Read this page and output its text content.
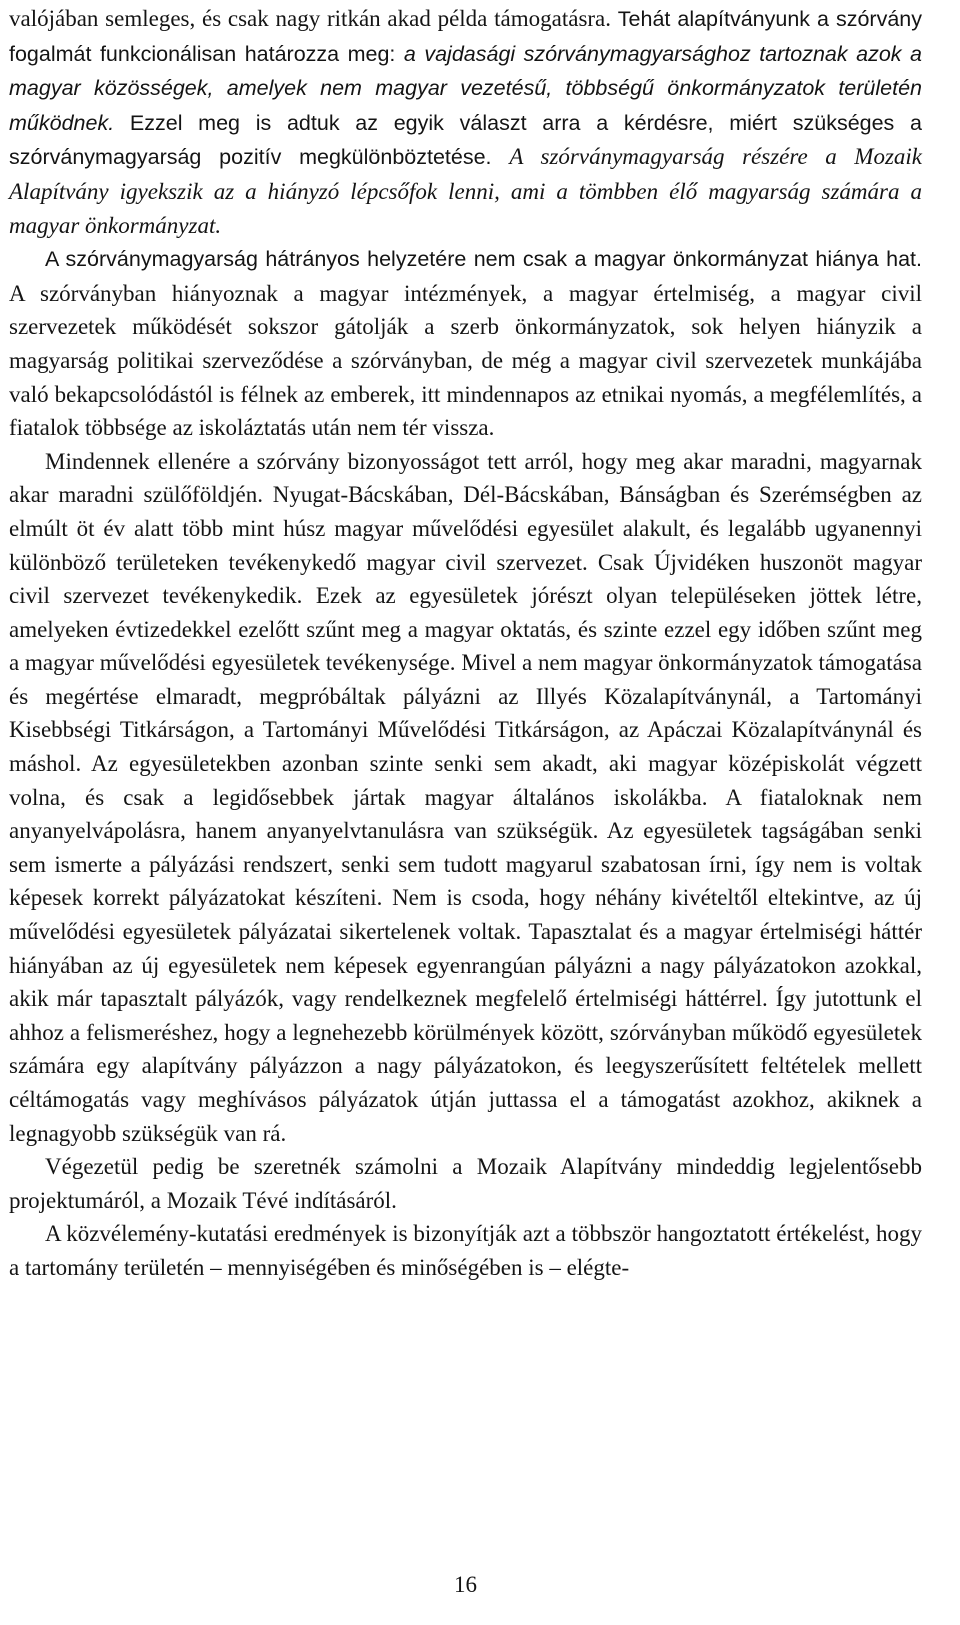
valójában semleges, és csak nagy ritkán akad példa támogatásra. Tehát alapítványunk a szórvány fogalmát funkcionálisan határozza meg: a vajdasági szórványmagyarsághoz tartoznak azok a magyar közösségek, amelyek nem magyar vezetésű, többségű önkormányzatok területén működnek. Ezzel meg is adtuk az egyik választ arra a kérdésre, miért szükséges a szórványmagyarság pozitív megkülönböztetése. A szórványmagyarság részére a Mozaik Alapítvány igyekszik az a hiányzó lépcsőfok lenni, ami a tömbben élő magyarság számára a magyar önkormányzat.

A szórványmagyarság hátrányos helyzetére nem csak a magyar önkormányzat hiánya hat. A szórványban hiányoznak a magyar intézmények, a magyar értelmiség, a magyar civil szervezetek működését sokszor gátolják a szerb önkormányzatok, sok helyen hiányzik a magyarság politikai szerveződése a szórványban, de még a magyar civil szervezetek munkájába való bekapcsolódástól is félnek az emberek, itt mindennapos az etnikai nyomás, a megfélemlítés, a fiatalok többsége az iskoláztatás után nem tér vissza.

Mindennek ellenére a szórvány bizonyosságot tett arról, hogy meg akar maradni, magyarnak akar maradni szülőföldjén. Nyugat-Bácskában, Dél-Bácskában, Bánságban és Szerémségben az elmúlt öt év alatt több mint húsz magyar művelődési egyesület alakult, és legalább ugyanennyi különböző területeken tevékenykedő magyar civil szervezet. Csak Újvidéken huszonöt magyar civil szervezet tevékenykedik. Ezek az egyesületek jórészt olyan településeken jöttek létre, amelyeken évtizedekkel ezelőtt szűnt meg a magyar oktatás, és szinte ezzel egy időben szűnt meg a magyar művelődési egyesületek tevékenysége. Mivel a nem magyar önkormányzatok támogatása és megértése elmaradt, megpróbáltak pályázni az Illyés Közalapítványnál, a Tartományi Kisebbségi Titkárságon, a Tartományi Művelődési Titkárságon, az Apáczai Közalapítványnál és máshol. Az egyesületekben azonban szinte senki sem akadt, aki magyar középiskolát végzett volna, és csak a legidősebbek jártak magyar általános iskolákba. A fiataloknak nem anyanyelvápolásra, hanem anyanyelvtanulásra van szükségük. Az egyesületek tagságában senki sem ismerte a pályázási rendszert, senki sem tudott magyarul szabatosan írni, így nem is voltak képesek korrekt pályázatokat készíteni. Nem is csoda, hogy néhány kivételtől eltekintve, az új művelődési egyesületek pályázatai sikertelenek voltak. Tapasztalat és a magyar értelmiségi háttér hiányában az új egyesületek nem képesek egyenrangúan pályázni a nagy pályázatokon azokkal, akik már tapasztalt pályázók, vagy rendelkeznek megfelelő értelmiségi háttérrel. Így jutottunk el ahhoz a felismeréshez, hogy a legnehezebb körülmények között, szórványban működő egyesületek számára egy alapítvány pályázzon a nagy pályázatokon, és leegyszerűsített feltételek mellett céltámogatás vagy meghívásos pályázatok útján juttassa el a támogatást azokhoz, akiknek a legnagyobb szükségük van rá.

Végezetül pedig be szeretnék számolni a Mozaik Alapítvány mindeddig legjelentősebb projektumáról, a Mozaik Tévé indításáról.

A közvélemény-kutatási eredmények is bizonyítják azt a többször hangoztatott értékelést, hogy a tartomány területén – mennyiségében és minőségében is – elégte-

16
